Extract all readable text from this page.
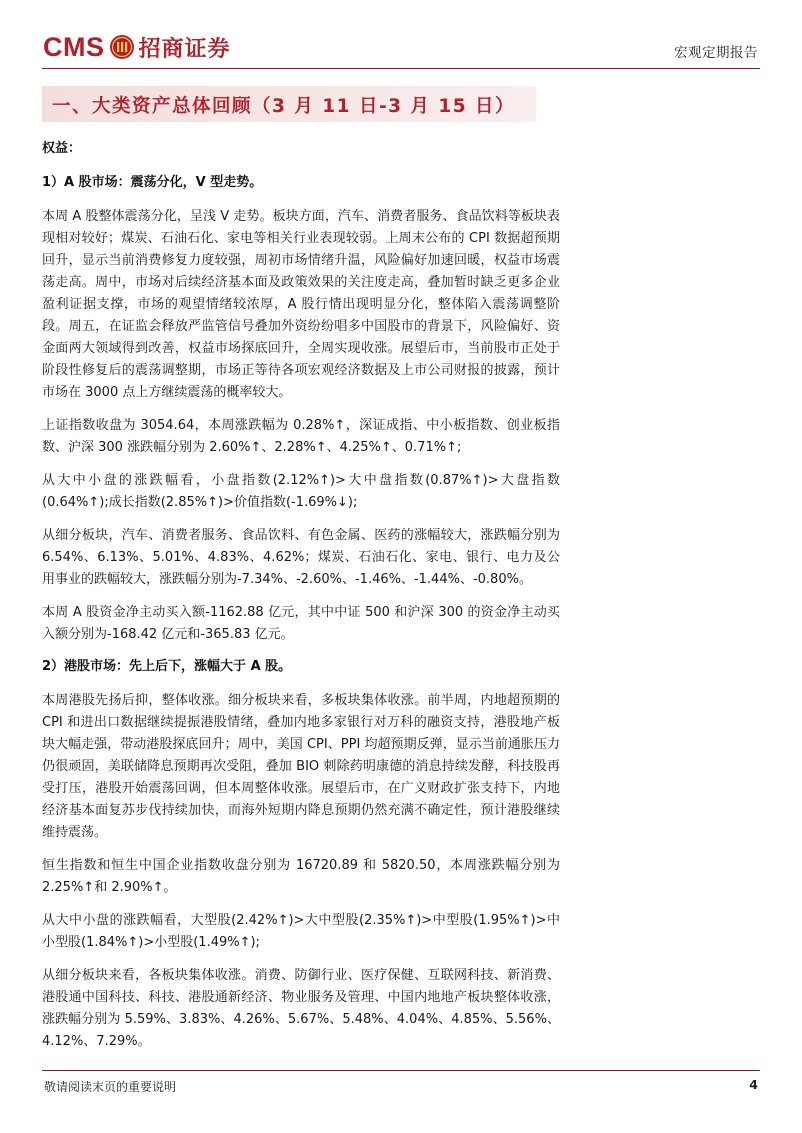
CMS 招商证券	宏观定期报告
一、大类资产总体回顾（3 月 11 日-3 月 15 日）
权益：
1）A 股市场：震荡分化，V 型走势。

本周 A 股整体震荡分化，呈浅 V 走势。板块方面，汽车、消费者服务、食品饮料等板块表现相对较好；煤炭、石油石化、家电等相关行业表现较弱。上周末公布的 CPI 数据超预期回升，显示当前消费修复力度较强，周初市场情绪升温，风险偏好加速回暖，权益市场震荡走高。周中，市场对后续经济基本面及政策效果的关注度走高，叠加暂时缺乏更多企业盈利证据支撑，市场的观望情绪较浓厚，A 股行情出现明显分化，整体陷入震荡调整阶段。周五，在证监会释放严监管信号叠加外资纷纷唱多中国股市的背景下，风险偏好、资金面两大领域得到改善，权益市场探底回升，全周实现收涨。展望后市，当前股市正处于阶段性修复后的震荡调整期，市场正等待各项宏观经济数据及上市公司财报的披露，预计市场在 3000 点上方继续震荡的概率较大。

上证指数收盘为 3054.64，本周涨跌幅为 0.28%↑，深证成指、中小板指数、创业板指数、沪深 300 涨跌幅分别为 2.60%↑、2.28%↑、4.25%↑、0.71%↑;

从大中小盘的涨跌幅看，小盘指数(2.12%↑)>大中盘指数(0.87%↑)>大盘指数(0.64%↑);成长指数(2.85%↑)>价值指数(-1.69%↓);

从细分板块，汽车、消费者服务、食品饮料、有色金属、医药的涨幅较大，涨跌幅分别为 6.54%、6.13%、5.01%、4.83%、4.62%；煤炭、石油石化、家电、银行、电力及公用事业的跌幅较大，涨跌幅分别为-7.34%、-2.60%、-1.46%、-1.44%、-0.80%。

本周 A 股资金净主动买入额-1162.88 亿元，其中中证 500 和沪深 300 的资金净主动买入额分别为-168.42 亿元和-365.83 亿元。

2）港股市场：先上后下，涨幅大于 A 股。

本周港股先扬后抑，整体收涨。细分板块来看，多板块集体收涨。前半周，内地超预期的 CPI 和进出口数据继续提振港股情绪，叠加内地多家银行对万科的融资支持，港股地产板块大幅走强，带动港股探底回升；周中，美国 CPI、PPI 均超预期反弹，显示当前通胀压力仍很顽固，美联储降息预期再次受阻，叠加 BIO 刺除药明康德的消息持续发酵，科技股再受打压，港股开始震荡回调，但本周整体收涨。展望后市，在广义财政扩张支持下，内地经济基本面复苏步伐持续加快，而海外短期内降息预期仍然充满不确定性，预计港股继续维持震荡。

恒生指数和恒生中国企业指数收盘分别为 16720.89 和 5820.50，本周涨跌幅分别为 2.25%↑和 2.90%↑。

从大中小盘的涨跌幅看，大型股(2.42%↑)>大中型股(2.35%↑)>中型股(1.95%↑)>中小型股(1.84%↑)>小型股(1.49%↑);

从细分板块来看，各板块集体收涨。消费、防御行业、医疗保健、互联网科技、新消费、港股通中国科技、科技、港股通新经济、物业服务及管理、中国内地地产板块整体收涨，涨跌幅分别为 5.59%、3.83%、4.26%、5.67%、5.48%、4.04%、4.85%、5.56%、4.12%、7.29%。

敬请阅读末页的重要说明	4
